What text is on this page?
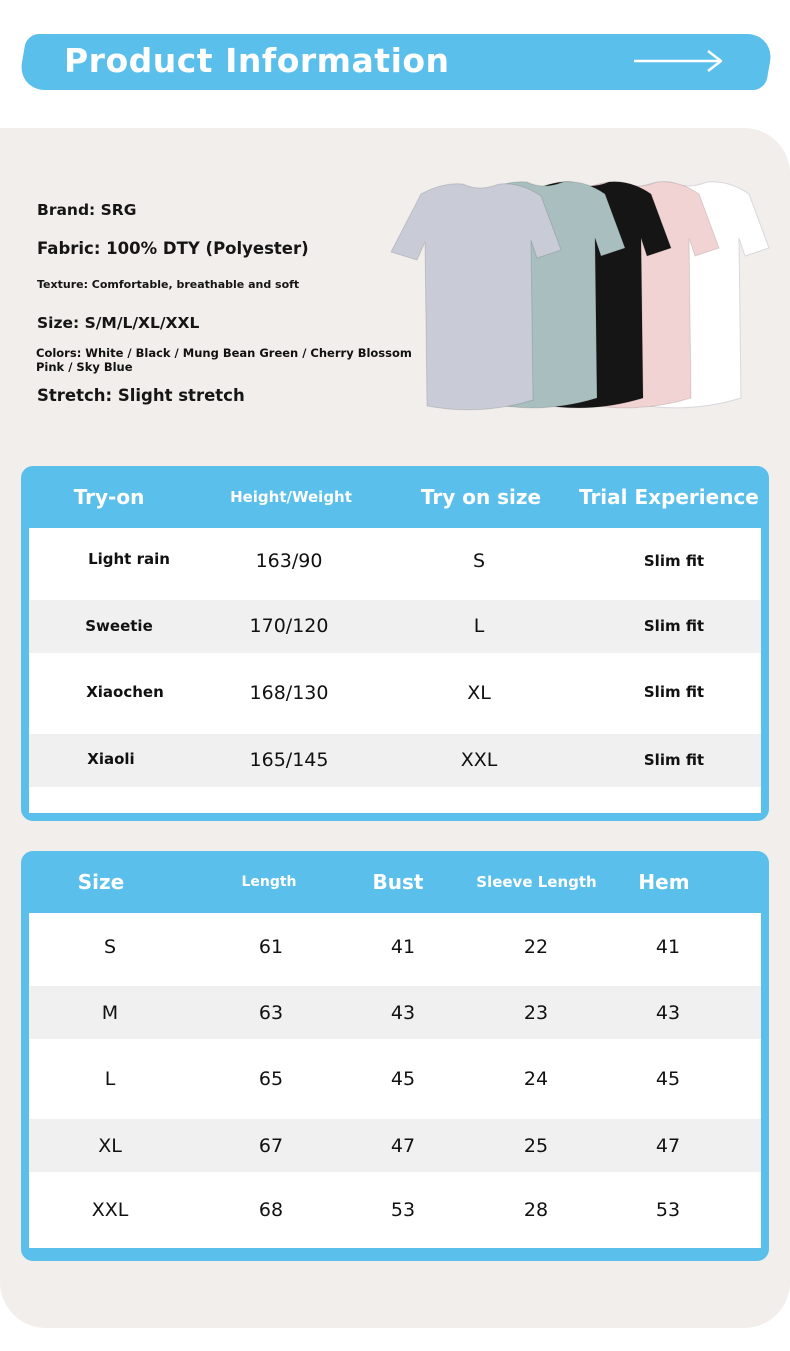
Product Information
Brand: SRG
Fabric: 100% DTY (Polyester)
Texture: Comfortable, breathable and soft
Size: S/M/L/XL/XXL
Colors: White / Black / Mung Bean Green / Cherry Blossom Pink / Sky Blue
Stretch: Slight stretch
Try-on	Height/Weight	Try on size	Trial Experience
Light rain	163/90	S	Slim fit
Sweetie	170/120	L	Slim fit
Xiaochen	168/130	XL	Slim fit
Xiaoli	165/145	XXL	Slim fit
Size	Length	Bust	Sleeve Length	Hem
S	61	41	22	41
M	63	43	23	43
L	65	45	24	45
XL	67	47	25	47
XXL	68	53	28	53
